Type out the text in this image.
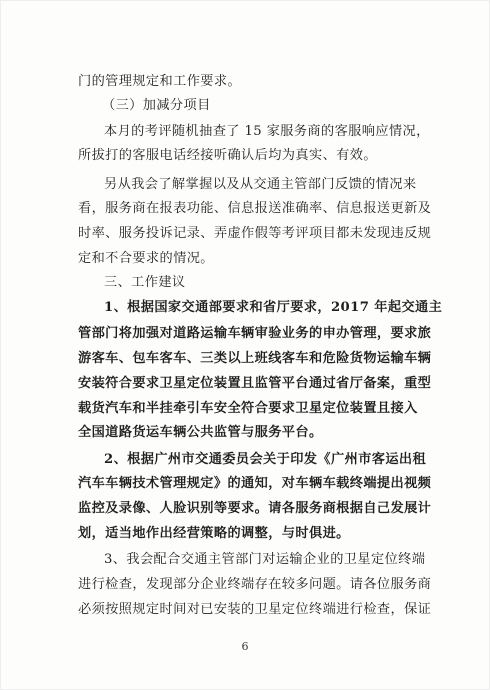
门的管理规定和工作要求。
（三）加减分项目
本月的考评随机抽查了 15 家服务商的客服响应情况，
所拔打的客服电话经接听确认后均为真实、有效。
另从我会了解掌握以及从交通主管部门反馈的情况来
看，服务商在报表功能、信息报送准确率、信息报送更新及
时率、服务投诉记录、弄虚作假等考评项目都未发现违反规
定和不合要求的情况。
三、工作建议
1、根据国家交通部要求和省厅要求，2017 年起交通主
管部门将加强对道路运输车辆审验业务的申办管理，要求旅
游客车、包车客车、三类以上班线客车和危险货物运输车辆
安装符合要求卫星定位装置且监管平台通过省厅备案，重型
载货汽车和半挂牵引车安全符合要求卫星定位装置且接入
全国道路货运车辆公共监管与服务平台。
2、根据广州市交通委员会关于印发《广州市客运出租
汽车车辆技术管理规定》的通知，对车辆车载终端提出视频
监控及录像、人脸识别等要求。请各服务商根据自己发展计
划，适当地作出经营策略的调整，与时俱进。
3、我会配合交通主管部门对运输企业的卫星定位终端
进行检查，发现部分企业终端存在较多问题。请各位服务商
必须按照规定时间对已安装的卫星定位终端进行检查，保证
6
